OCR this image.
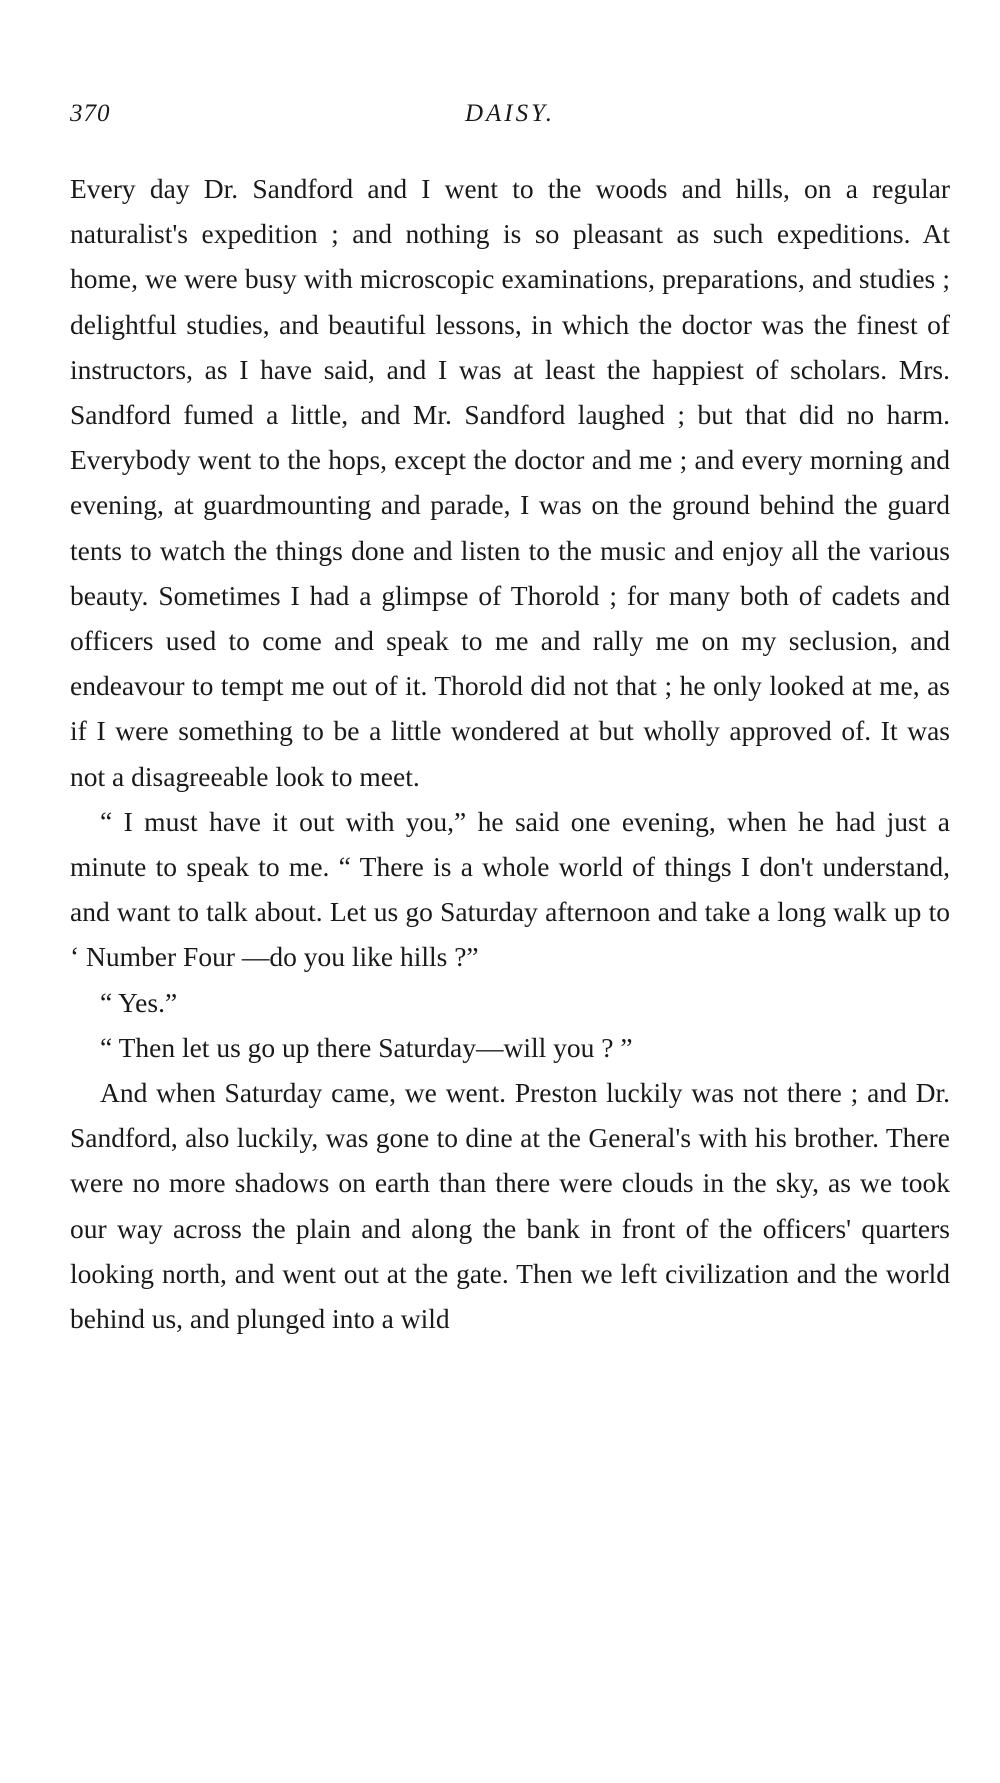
370	DAISY.

Every day Dr. Sandford and I went to the woods and hills, on a regular naturalist's expedition ; and nothing is so pleasant as such expeditions. At home, we were busy with microscopic examinations, preparations, and studies ; delightful studies, and beautiful lessons, in which the doctor was the finest of instructors, as I have said, and I was at least the happiest of scholars. Mrs. Sandford fumed a little, and Mr. Sandford laughed ; but that did no harm. Everybody went to the hops, except the doctor and me ; and every morning and evening, at guardmounting and parade, I was on the ground behind the guard tents to watch the things done and listen to the music and enjoy all the various beauty. Sometimes I had a glimpse of Thorold ; for many both of cadets and officers used to come and speak to me and rally me on my seclusion, and endeavour to tempt me out of it. Thorold did not that ; he only looked at me, as if I were something to be a little wondered at but wholly approved of. It was not a disagreeable look to meet.

“ I must have it out with you,” he said one evening, when he had just a minute to speak to me. “ There is a whole world of things I don't understand, and want to talk about. Let us go Saturday afternoon and take a long walk up to ‘ Number Four —do you like hills ?”

“ Yes.”

“ Then let us go up there Saturday—will you ? ”

And when Saturday came, we went. Preston luckily was not there ; and Dr. Sandford, also luckily, was gone to dine at the General's with his brother. There were no more shadows on earth than there were clouds in the sky, as we took our way across the plain and along the bank in front of the officers' quarters looking north, and went out at the gate. Then we left civilization and the world behind us, and plunged into a wild
